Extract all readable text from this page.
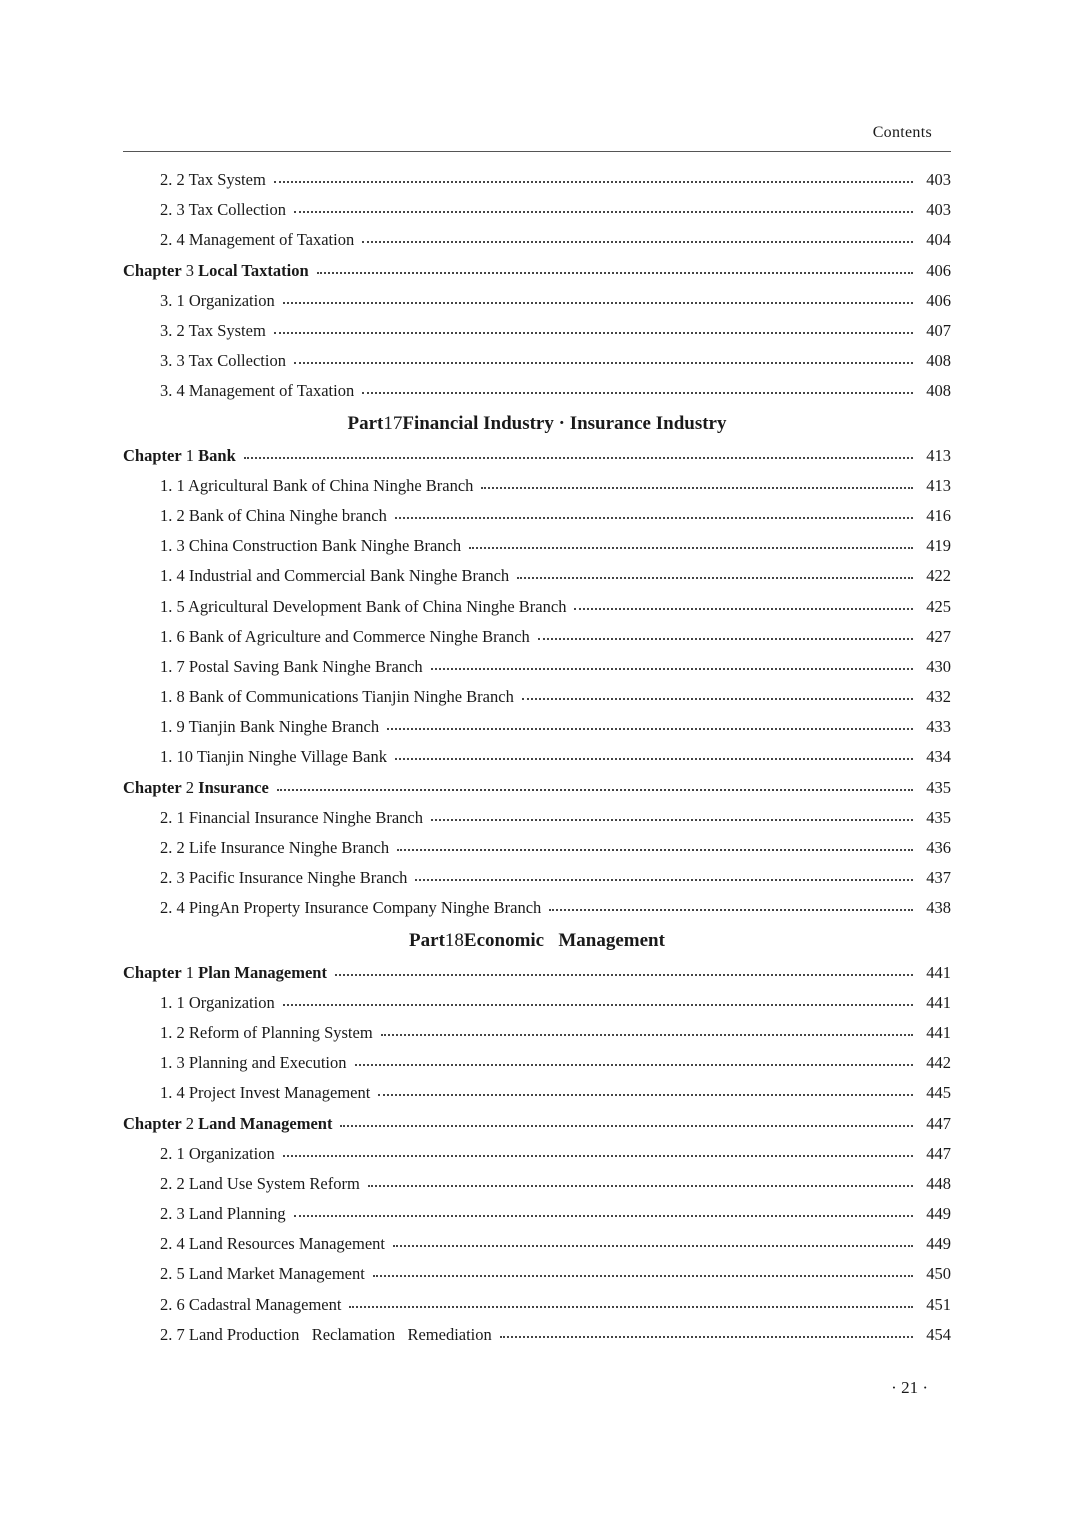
Contents
2. 2 Tax System	403
2. 3 Tax Collection	403
2. 4 Management of Taxation	404
Chapter 3 Local Taxtation	406
3. 1 Organization	406
3. 2 Tax System	407
3. 3 Tax Collection	408
3. 4 Management of Taxation	408
Part 17 Financial Industry · Insurance Industry
Chapter 1 Bank	413
1. 1 Agricultural Bank of China Ninghe Branch	413
1. 2 Bank of China Ninghe branch	416
1. 3 China Construction Bank Ninghe Branch	419
1. 4 Industrial and Commercial Bank Ninghe Branch	422
1. 5 Agricultural Development Bank of China Ninghe Branch	425
1. 6 Bank of Agriculture and Commerce Ninghe Branch	427
1. 7 Postal Saving Bank Ninghe Branch	430
1. 8 Bank of Communications Tianjin Ninghe Branch	432
1. 9 Tianjin Bank Ninghe Branch	433
1. 10 Tianjin Ninghe Village Bank	434
Chapter 2 Insurance	435
2. 1 Financial Insurance Ninghe Branch	435
2. 2 Life Insurance Ninghe Branch	436
2. 3 Pacific Insurance Ninghe Branch	437
2. 4 PingAn Property Insurance Company Ninghe Branch	438
Part 18 Economic   Management
Chapter 1 Plan Management	441
1. 1 Organization	441
1. 2 Reform of Planning System	441
1. 3 Planning and Execution	442
1. 4 Project Invest Management	445
Chapter 2 Land Management	447
2. 1 Organization	447
2. 2 Land Use System Reform	448
2. 3 Land Planning	449
2. 4 Land Resources Management	449
2. 5 Land Market Management	450
2. 6 Cadastral Management	451
2. 7 Land Production   Reclamation   Remediation	454
· 21 ·
